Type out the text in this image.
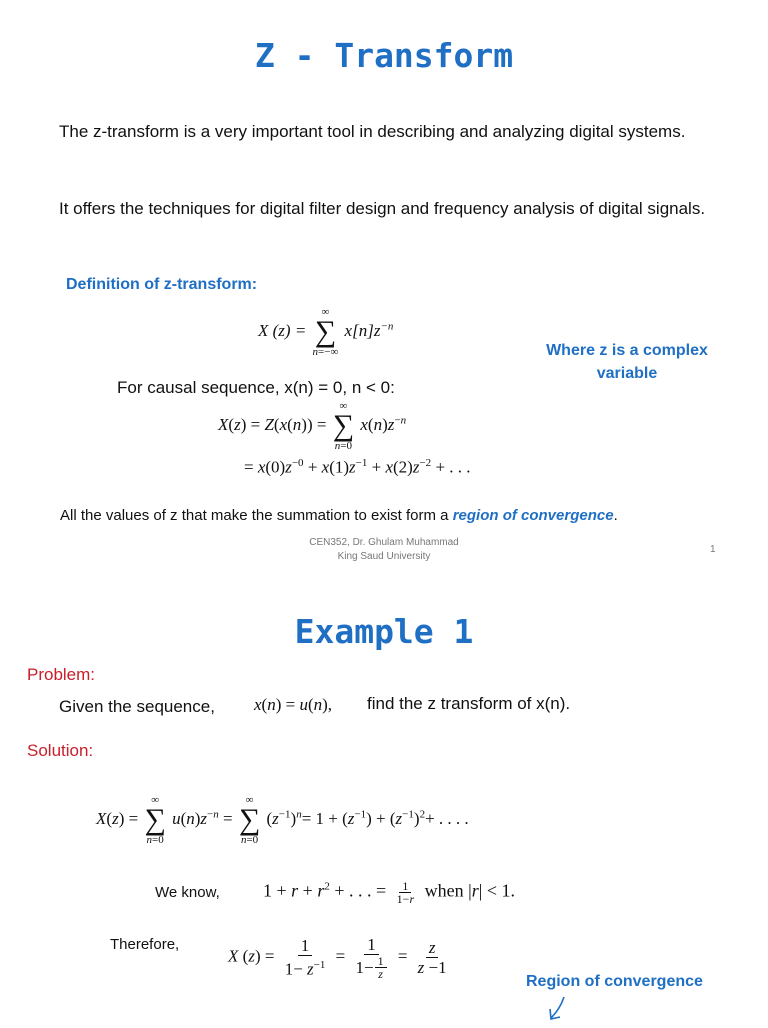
Z - Transform
The z-transform is a very important tool in describing and analyzing digital systems.
It offers the techniques for digital filter design and frequency analysis of digital signals.
Definition of z-transform:
X (z) =
∞
∑
n=−∞
$x[n]z^{-n}$
Where z is a complex
variable
For causal sequence, x(n) = 0, n < 0:
X(z) = Z(x(n)) =
∞
∑
n=0
$x(n)z^{-n}$
= $x(0)z^{-0} + x(1)z^{-1} + x(2)z^{-2}$ + . . .
All the values of z that make the summation to exist form a region of convergence.
CEN352, Dr. Ghulam Muhammad
King Saud University
1
Example 1
Problem:
Given the sequence, x(n) = u(n), find the z transform of x(n).
Solution:
X(z) =
∞
∑
n=0
$u(n)z^{-n}$ =
∞
∑
n=0
$(z^{-1})^n= 1 + (z^{-1}) + (z^{-1})^2+$ . . . .
We know, $1 + r + r^2$ + . . . = $\frac{1}{1-r}$ when |r| < 1.
Therefore,
X $(z) = \frac{1}{1- z^{-1}} = \frac{1}{1- \frac{1}{z}} = \frac{z}{z -1}$
Region of convergence
